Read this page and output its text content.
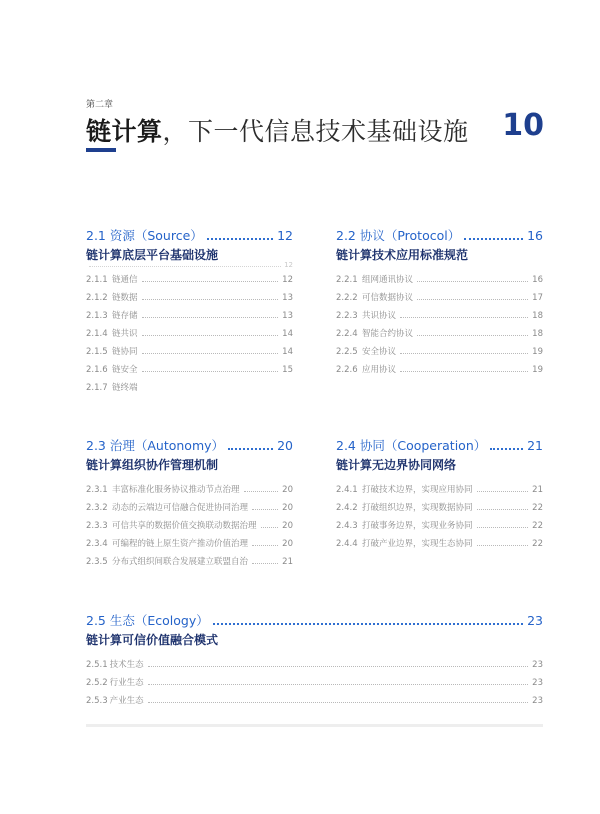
第二章
链计算，下一代信息技术基础设施 10
2.1 资源（Source）	12
链计算底层平台基础设施
12
2.1.1 链通信	12
2.1.2 链数据	13
2.1.3 链存储	13
2.1.4 链共识	14
2.1.5 链协同	14
2.1.6 链安全	15
2.1.7 链终端
2.2 协议（Protocol）	16
链计算技术应用标准规范
2.2.1 组网通讯协议	16
2.2.2 可信数据协议	17
2.2.3 共识协议	18
2.2.4 智能合约协议	18
2.2.5 安全协议	19
2.2.6 应用协议	19
2.3 治理（Autonomy）	20
链计算组织协作管理机制
2.3.1 丰富标准化服务协议推动节点治理	20
2.3.2 动态的云端边可信融合促进协同治理	20
2.3.3 可信共享的数据价值交换联动数据治理	20
2.3.4 可编程的链上原生资产推动价值治理	20
2.3.5 分布式组织间联合发展建立联盟自治	21
2.4 协同（Cooperation）	21
链计算无边界协同网络
2.4.1 打破技术边界，实现应用协同	21
2.4.2 打破组织边界，实现数据协同	22
2.4.3 打破事务边界，实现业务协同	22
2.4.4 打破产业边界，实现生态协同	22
2.5 生态（Ecology）	23
链计算可信价值融合模式
2.5.1 技术生态	23
2.5.2 行业生态	23
2.5.3 产业生态	23
